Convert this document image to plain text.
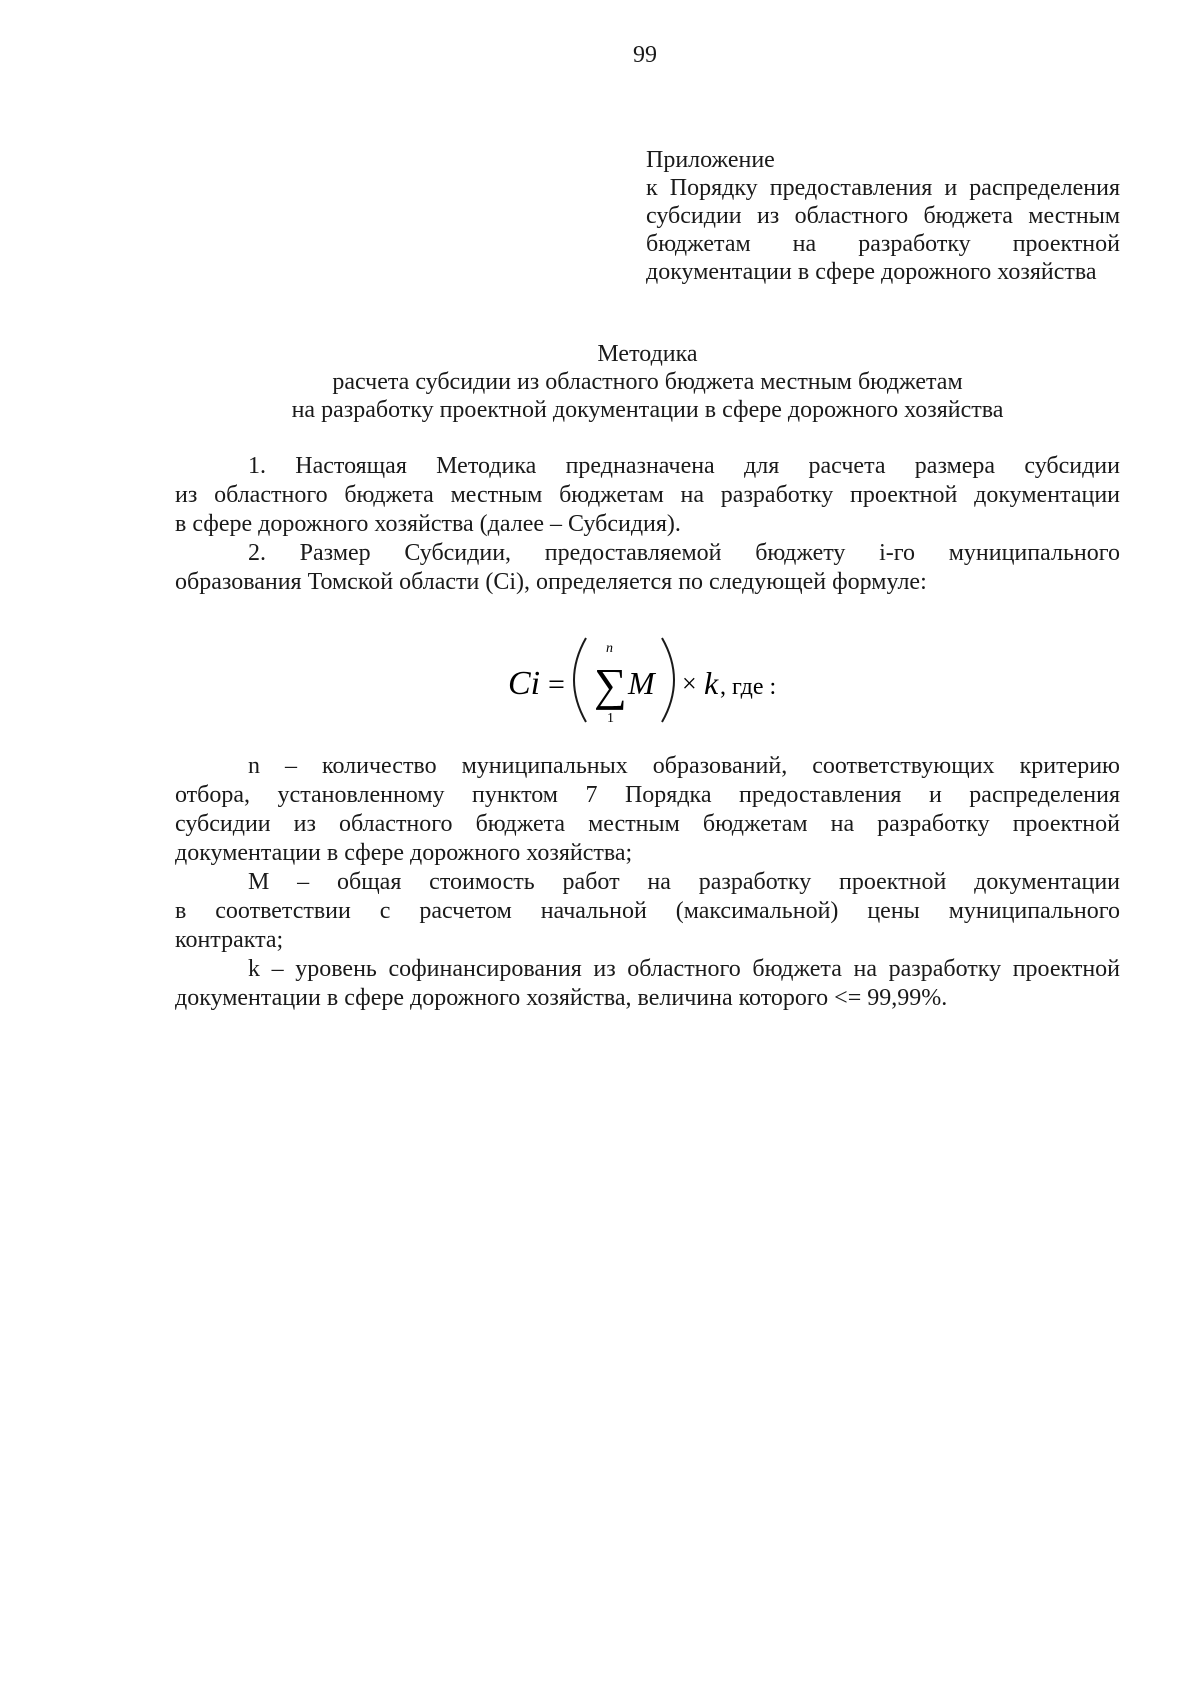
99
Приложение
к Порядку предоставления и распределения
субсидии из областного бюджета местным
бюджетам на разработку проектной
документации в сфере дорожного хозяйства
Методика
расчета субсидии из областного бюджета местным бюджетам
на разработку проектной документации в сфере дорожного хозяйства
1. Настоящая Методика предназначена для расчета размера субсидии
из областного бюджета местным бюджетам на разработку проектной документации
в сфере дорожного хозяйства (далее – Субсидия).
2. Размер Субсидии, предоставляемой бюджету i-го муниципального
образования Томской области (Ci), определяется по следующей формуле:
Ci =
n
∑
1
M × k , где :
n – количество муниципальных образований, соответствующих критерию
отбора, установленному пунктом 7 Порядка предоставления и распределения
субсидии из областного бюджета местным бюджетам на разработку проектной
документации в сфере дорожного хозяйства;
М – общая стоимость работ на разработку проектной документации
в соответствии с расчетом начальной (максимальной) цены муниципального
контракта;
k – уровень софинансирования из областного бюджета на разработку проектной
документации в сфере дорожного хозяйства, величина которого <= 99,99%.
